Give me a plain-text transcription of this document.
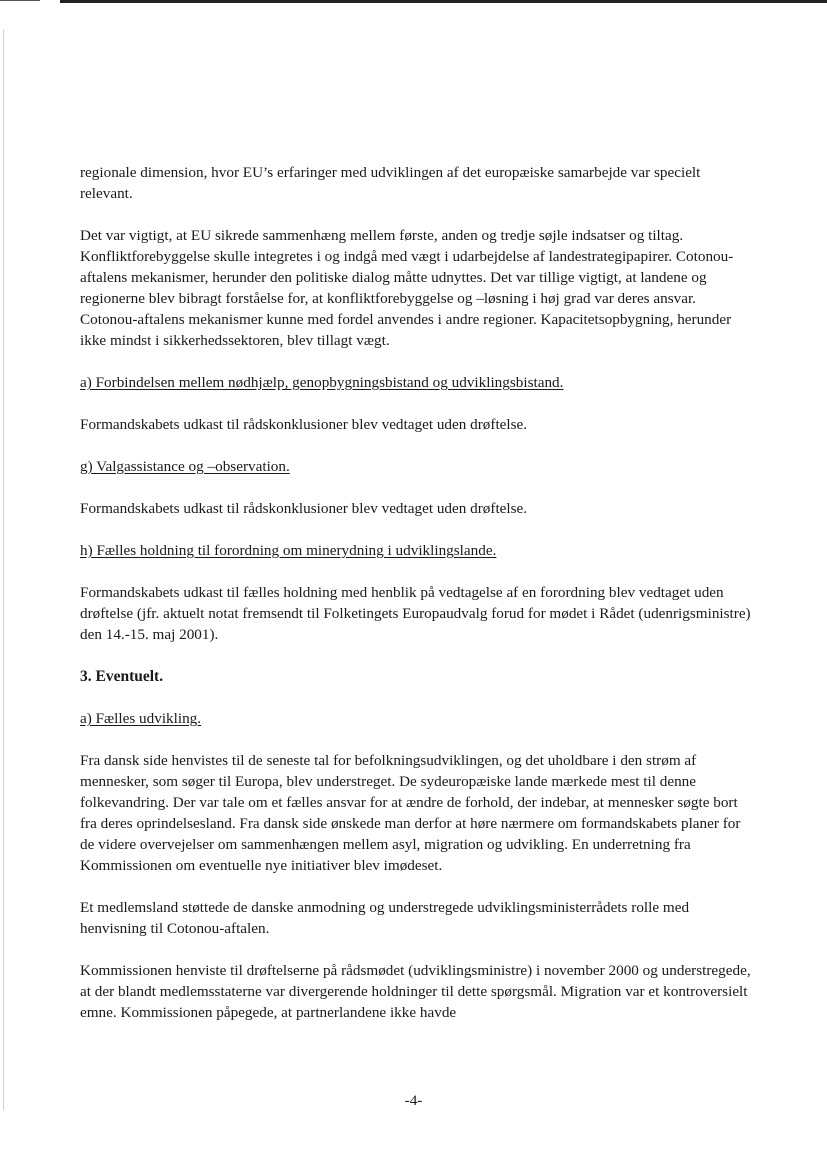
regionale dimension, hvor EU’s erfaringer med udviklingen af det europæiske samarbejde var specielt relevant.

Det var vigtigt, at EU sikrede sammenhæng mellem første, anden og tredje søjle indsatser og tiltag. Konfliktforebyggelse skulle integretes i og indgå med vægt i udarbejdelse af landestrategipapirer. Cotonou-aftalens mekanismer, herunder den politiske dialog måtte udnyttes. Det var tillige vigtigt, at landene og regionerne blev bibragt forståelse for, at konfliktforebyggelse og –løsning i høj grad var deres ansvar. Cotonou-aftalens mekanismer kunne med fordel anvendes i andre regioner. Kapacitetsopbygning, herunder ikke mindst i sikkerhedssektoren, blev tillagt vægt.

a) Forbindelsen mellem nødhjælp, genopbygningsbistand og udviklingsbistand.

Formandskabets udkast til rådskonklusioner blev vedtaget uden drøftelse.

g) Valgassistance og –observation.

Formandskabets udkast til rådskonklusioner blev vedtaget uden drøftelse.

h) Fælles holdning til forordning om minerydning i udviklingslande.

Formandskabets udkast til fælles holdning med henblik på vedtagelse af en forordning blev vedtaget uden drøftelse (jfr. aktuelt notat fremsendt til Folketingets Europaudvalg forud for mødet i Rådet (udenrigsministre) den 14.-15. maj 2001).

3. Eventuelt.

a) Fælles udvikling.

Fra dansk side henvistes til de seneste tal for befolkningsudviklingen, og det uholdbare i den strøm af mennesker, som søger til Europa, blev understreget. De sydeuropæiske lande mærkede mest til denne folkevandring. Der var tale om et fælles ansvar for at ændre de forhold, der indebar, at mennesker søgte bort fra deres oprindelsesland. Fra dansk side ønskede man derfor at høre nærmere om formandskabets planer for de videre overvejelser om sammenhængen mellem asyl, migration og udvikling. En underretning fra Kommissionen om eventuelle nye initiativer blev imødeset.

Et medlemsland støttede de danske anmodning og understregede udviklingsministerrådets rolle med henvisning til Cotonou-aftalen.

Kommissionen henviste til drøftelserne på rådsmødet (udviklingsministre) i november 2000 og understregede, at der blandt medlemsstaterne var divergerende holdninger til dette spørgsmål. Migration var et kontroversielt emne. Kommissionen påpegede, at partnerlandene ikke havde

-4-
